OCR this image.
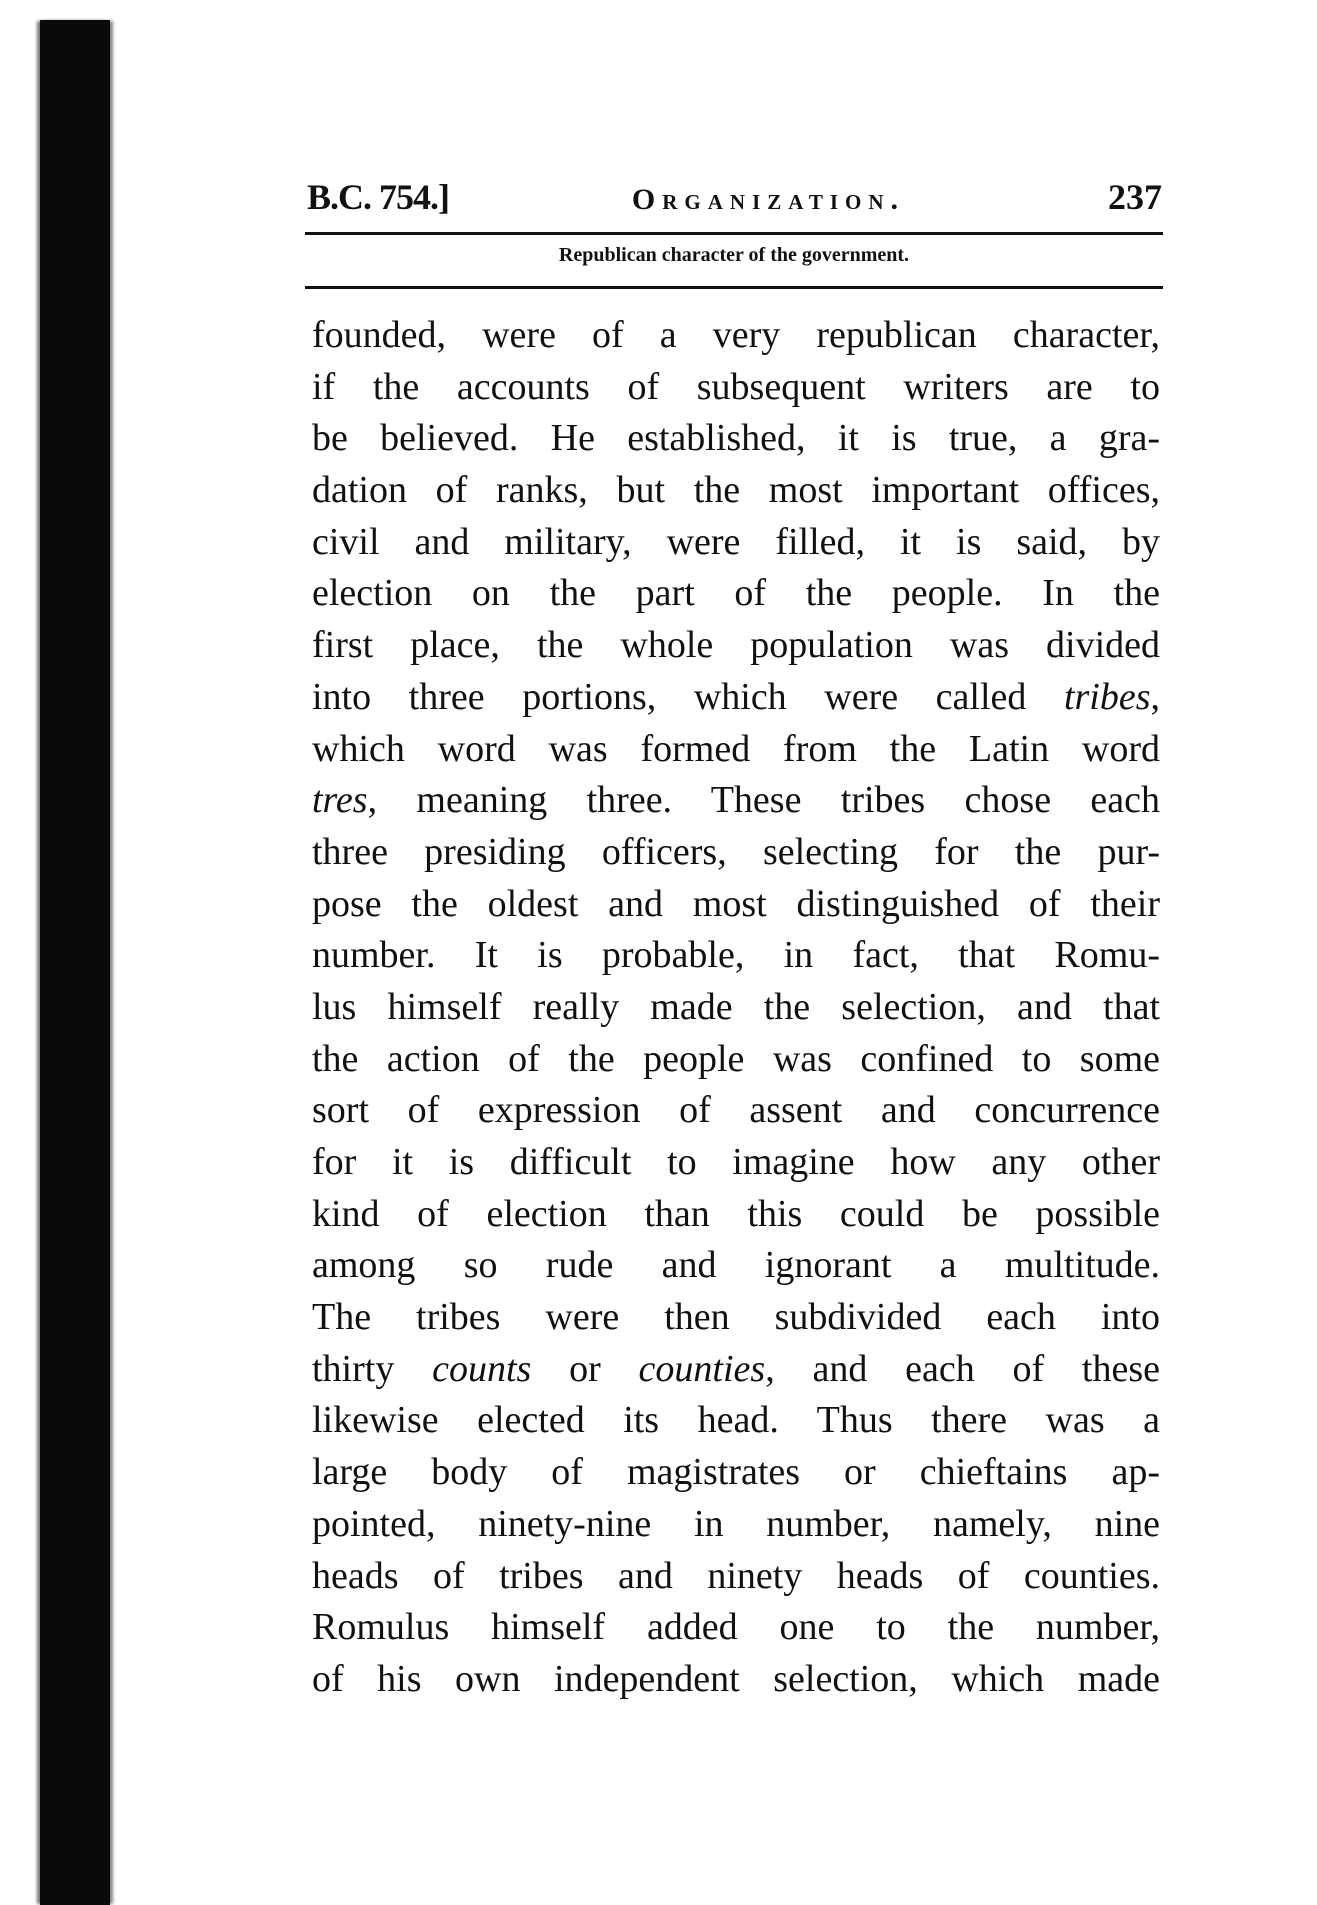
B.C. 754.]	Organization.	237
Republican character of the government.
founded, were of a very republican character,
if the accounts of subsequent writers are to
be believed. He established, it is true, a gra-
dation of ranks, but the most important offices,
civil and military, were filled, it is said, by
election on the part of the people. In the
first place, the whole population was divided
into three portions, which were called tribes,
which word was formed from the Latin word
tres, meaning three. These tribes chose each
three presiding officers, selecting for the pur-
pose the oldest and most distinguished of their
number. It is probable, in fact, that Romu-
lus himself really made the selection, and that
the action of the people was confined to some
sort of expression of assent and concurrence
for it is difficult to imagine how any other
kind of election than this could be possible
among so rude and ignorant a multitude.
The tribes were then subdivided each into
thirty counts or counties, and each of these
likewise elected its head. Thus there was a
large body of magistrates or chieftains ap-
pointed, ninety-nine in number, namely, nine
heads of tribes and ninety heads of counties.
Romulus himself added one to the number,
of his own independent selection, which made
